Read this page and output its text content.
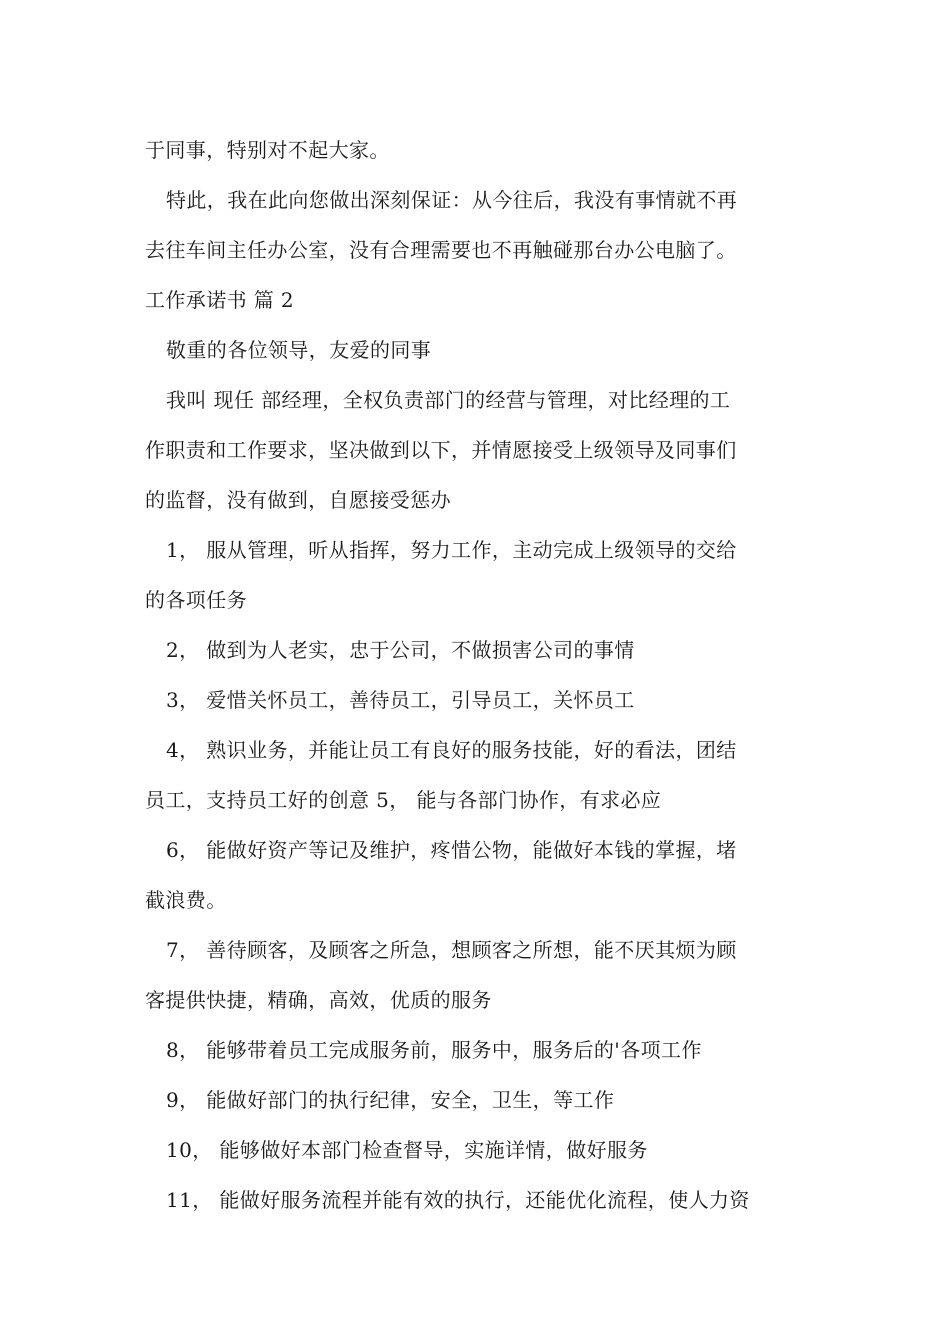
于同事，特别对不起大家。
特此，我在此向您做出深刻保证：从今往后，我没有事情就不再
去往车间主任办公室，没有合理需要也不再触碰那台办公电脑了。
工作承诺书 篇 2
敬重的各位领导，友爱的同事
我叫 现任 部经理，全权负责部门的经营与管理，对比经理的工
作职责和工作要求，坚决做到以下，并情愿接受上级领导及同事们
的监督，没有做到，自愿接受惩办
1， 服从管理，听从指挥，努力工作，主动完成上级领导的交给
的各项任务
2， 做到为人老实，忠于公司，不做损害公司的事情
3， 爱惜关怀员工，善待员工，引导员工，关怀员工
4， 熟识业务，并能让员工有良好的服务技能，好的看法，团结
员工，支持员工好的创意 5， 能与各部门协作，有求必应
6， 能做好资产等记及维护，疼惜公物，能做好本钱的掌握，堵
截浪费。
7， 善待顾客，及顾客之所急，想顾客之所想，能不厌其烦为顾
客提供快捷，精确，高效，优质的服务
8， 能够带着员工完成服务前，服务中，服务后的'各项工作
9， 能做好部门的执行纪律，安全，卫生，等工作
10， 能够做好本部门检查督导，实施详情，做好服务
11， 能做好服务流程并能有效的执行，还能优化流程，使人力资
